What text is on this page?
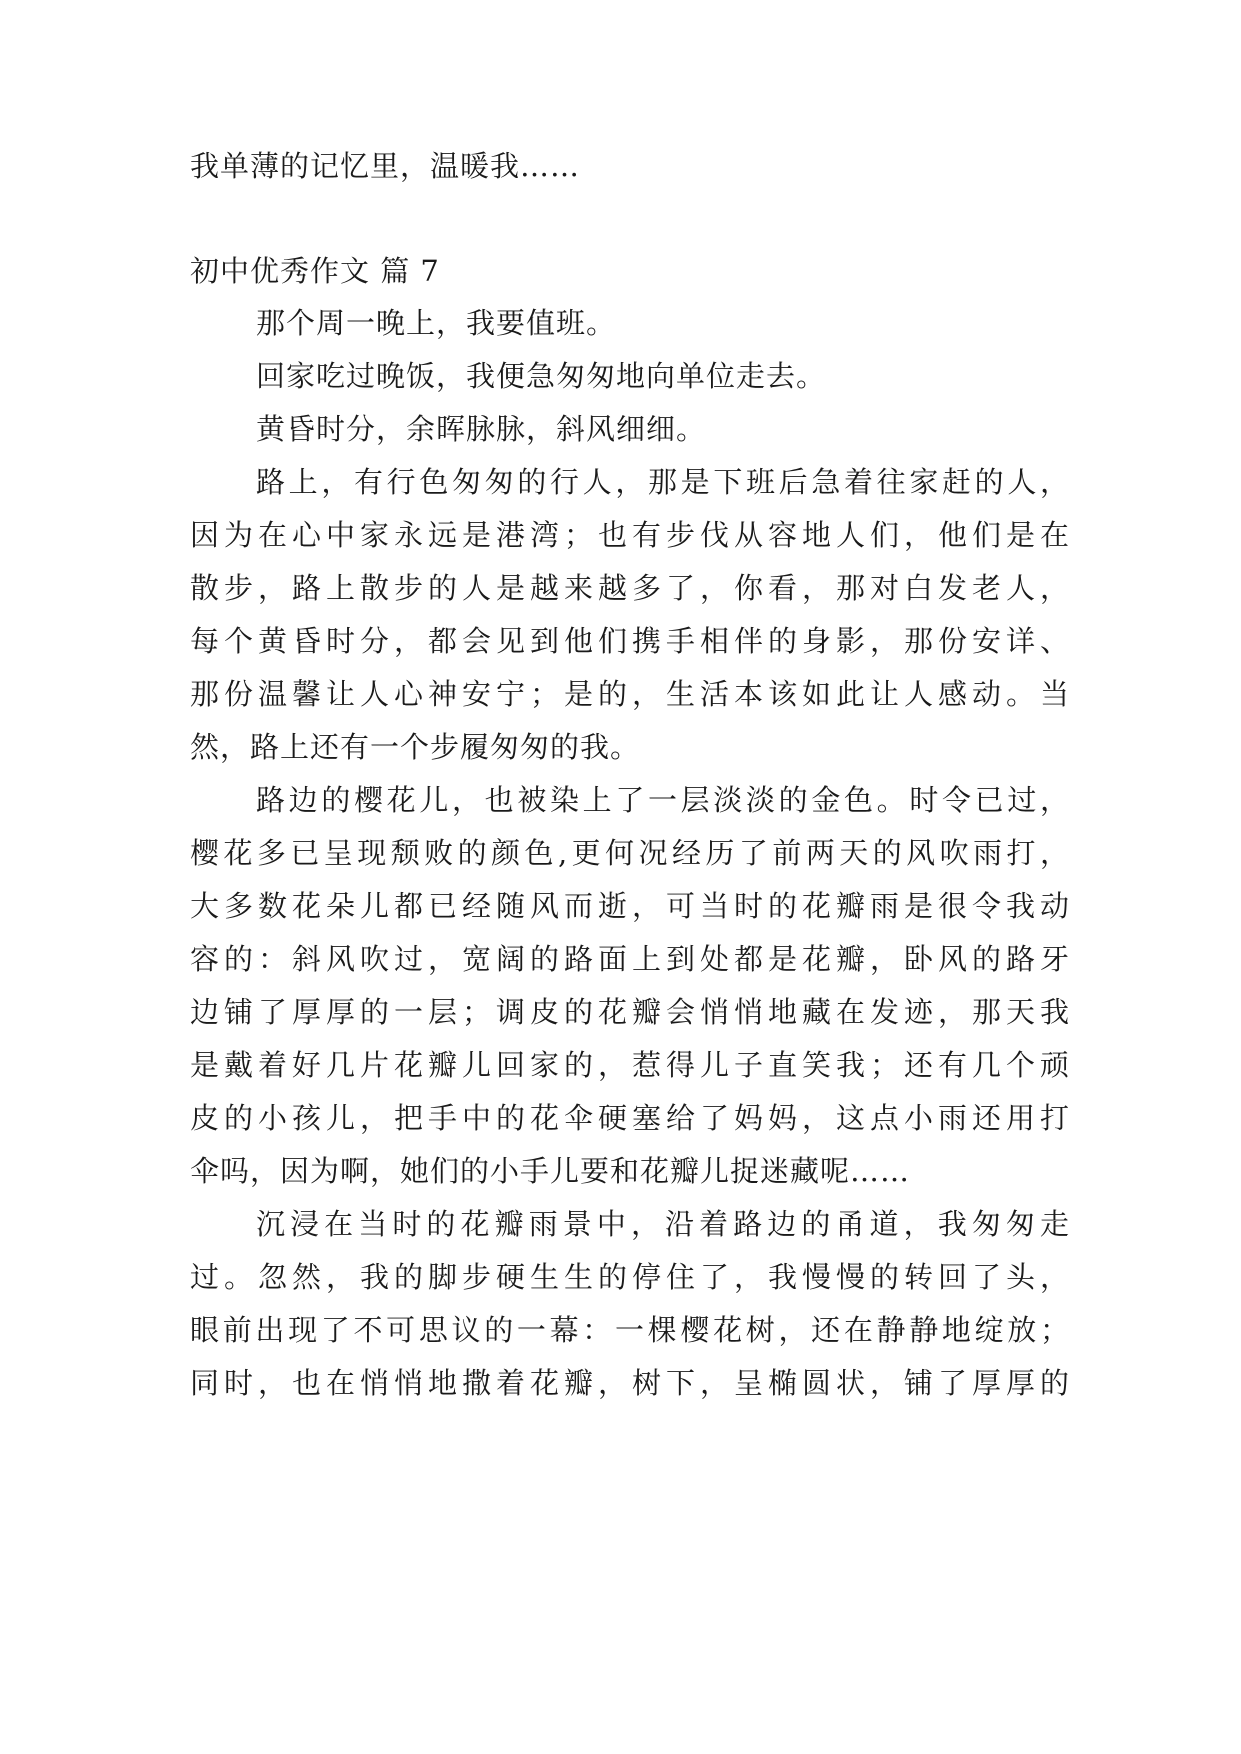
我单薄的记忆里，温暖我……
初中优秀作文 篇 7
那个周一晚上，我要值班。
回家吃过晚饭，我便急匆匆地向单位走去。
黄昏时分，余晖脉脉，斜风细细。
路上，有行色匆匆的行人，那是下班后急着往家赶的人，
因为在心中家永远是港湾；也有步伐从容地人们，他们是在
散步，路上散步的人是越来越多了，你看，那对白发老人，
每个黄昏时分，都会见到他们携手相伴的身影，那份安详、
那份温馨让人心神安宁；是的，生活本该如此让人感动。当
然，路上还有一个步履匆匆的我。
路边的樱花儿，也被染上了一层淡淡的金色。时令已过，
樱花多已呈现颓败的颜色,更何况经历了前两天的风吹雨打，
大多数花朵儿都已经随风而逝，可当时的花瓣雨是很令我动
容的：斜风吹过，宽阔的路面上到处都是花瓣，卧风的路牙
边铺了厚厚的一层；调皮的花瓣会悄悄地藏在发迹，那天我
是戴着好几片花瓣儿回家的，惹得儿子直笑我；还有几个顽
皮的小孩儿，把手中的花伞硬塞给了妈妈，这点小雨还用打
伞吗，因为啊，她们的小手儿要和花瓣儿捉迷藏呢……
沉浸在当时的花瓣雨景中，沿着路边的甬道，我匆匆走
过。忽然，我的脚步硬生生的停住了，我慢慢的转回了头，
眼前出现了不可思议的一幕：一棵樱花树，还在静静地绽放；
同时，也在悄悄地撒着花瓣，树下，呈椭圆状，铺了厚厚的
